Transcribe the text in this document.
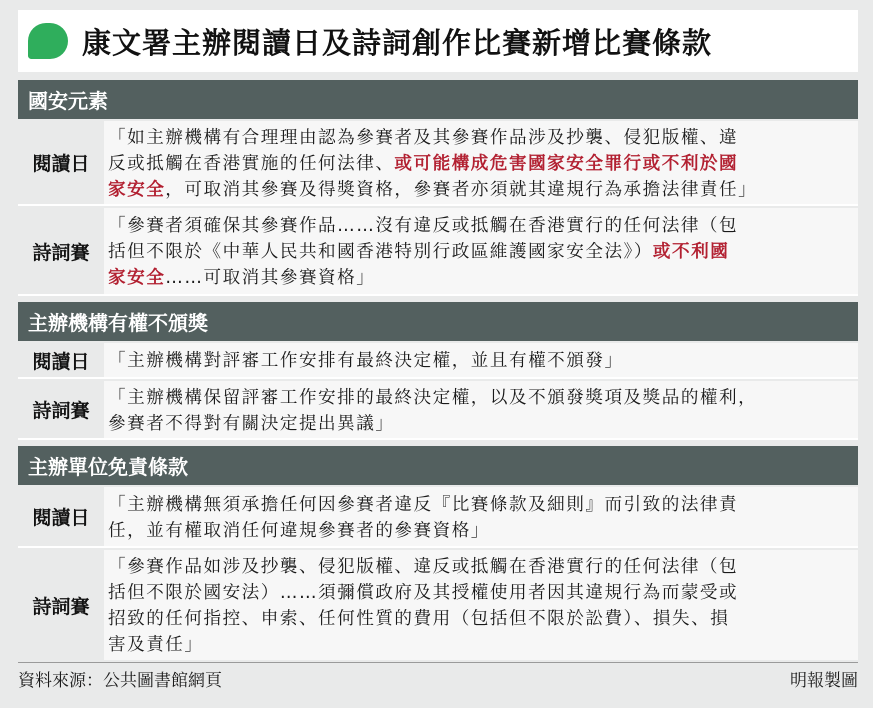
康文署主辦閱讀日及詩詞創作比賽新增比賽條款
國安元素
閱讀日
「如主辦機構有合理理由認為參賽者及其參賽作品涉及抄襲、侵犯版權、違
反或抵觸在香港實施的任何法律、或可能構成危害國家安全罪行或不利於國
家安全，可取消其參賽及得獎資格，參賽者亦須就其違規行為承擔法律責任」
詩詞賽
「參賽者須確保其參賽作品……沒有違反或抵觸在香港實行的任何法律（包
括但不限於《中華人民共和國香港特別行政區維護國家安全法》）或不利國
家安全……可取消其參賽資格」
主辦機構有權不頒獎
閱讀日	「主辦機構對評審工作安排有最終決定權，並且有權不頒發」
詩詞賽
「主辦機構保留評審工作安排的最終決定權，以及不頒發獎項及獎品的權利，
參賽者不得對有關決定提出異議」
主辦單位免責條款
閱讀日
「主辦機構無須承擔任何因參賽者違反『比賽條款及細則』而引致的法律責
任，並有權取消任何違規參賽者的參賽資格」
詩詞賽
「參賽作品如涉及抄襲、侵犯版權、違反或抵觸在香港實行的任何法律（包
括但不限於國安法）……須彌償政府及其授權使用者因其違規行為而蒙受或
招致的任何指控、申索、任何性質的費用（包括但不限於訟費）、損失、損
害及責任」
資料來源：公共圖書館網頁	明報製圖
